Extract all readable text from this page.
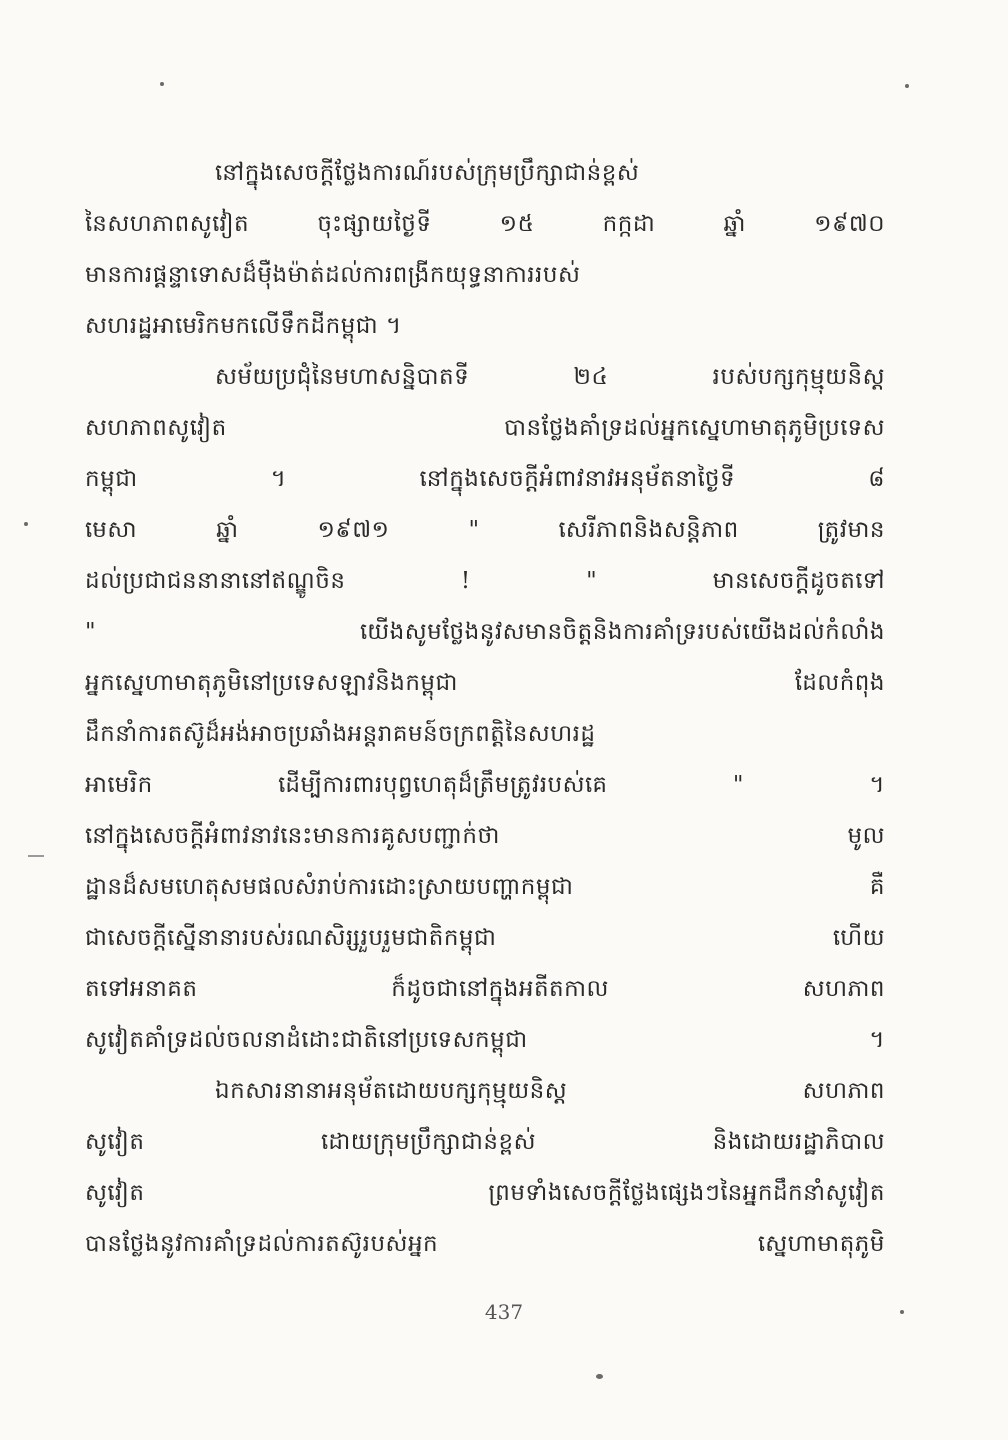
នៅក្នុងសេចក្តីថ្លែងការណ៍របស់ក្រុមប្រឹក្សាជាន់ខ្ពស់
នៃសហភាពសូវៀត ចុះផ្សាយថ្ងៃទី ១៥ កក្កដា ឆ្នាំ ១៩៧០
មានការផ្តន្ទាទោសដ៏មុឺងម៉ាត់ដល់ការពង្រីកយុទ្ធនាការរបស់
សហរដ្ឋអាមេរិកមកលើទឹកដីកម្ពុជា ។
សម័យប្រជុំនៃមហាសន្និបាតទី ២៤ របស់បក្សកុម្មុយនិស្ត
សហភាពសូវៀត បានថ្លែងគាំទ្រដល់អ្នកស្នេហាមាតុភូមិប្រទេស
កម្ពុជា ។ នៅក្នុងសេចក្តីអំពាវនាវអនុម័តនាថ្ងៃទី ៨
មេសា ឆ្នាំ ១៩៧១ " សេរីភាពនិងសន្តិភាព ត្រូវមាន
ដល់ប្រជាជននានានៅឥណ្ឌូចិន ! " មានសេចក្តីដូចតទៅ
" យើងសូមថ្លែងនូវសមានចិត្តនិងការគាំទ្ររបស់យើងដល់កំលាំង
អ្នកស្នេហាមាតុភូមិនៅប្រទេសឡាវនិងកម្ពុជា ដែលកំពុង
ដឹកនាំការតស៊ូដ៏អង់អាចប្រឆាំងអន្តរាគមន៍ចក្រពត្តិនៃសហរដ្ឋ
អាមេរិក ដើម្បីការពារបុព្វហេតុដ៏ត្រឹមត្រូវរបស់គេ " ។
នៅក្នុងសេចក្តីអំពាវនាវនេះមានការគូសបញ្ជាក់ថា មូល
ដ្ឋានដ៏សមហេតុសមផលសំរាប់ការដោះស្រាយបញ្ហាកម្ពុជា គឺ
ជាសេចក្តីស្នើនានារបស់រណសិរ្សរួបរួមជាតិកម្ពុជា ហើយ
តទៅអនាគត ក៏ដូចជានៅក្នុងអតីតកាល សហភាព
សូវៀតគាំទ្រដល់ចលនាដំដោះជាតិនៅប្រទេសកម្ពុជា ។
ឯកសារនានាអនុម័តដោយបក្សកុម្មុយនិស្ត សហភាព
សូវៀត ដោយក្រុមប្រឹក្សាជាន់ខ្ពស់ និងដោយរដ្ឋាភិបាល
សូវៀត ព្រមទាំងសេចក្តីថ្លែងផ្សេងៗនៃអ្នកដឹកនាំសូវៀត
បានថ្លែងនូវការគាំទ្រដល់ការតស៊ូរបស់អ្នក ស្នេហាមាតុភូមិ
437
